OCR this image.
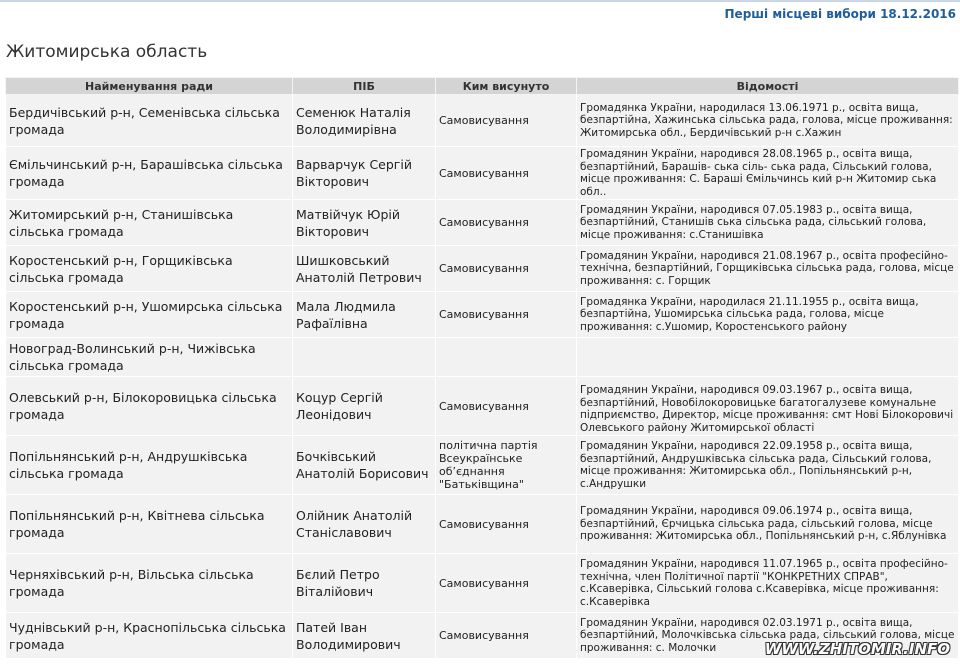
Перші місцеві вибори 18.12.2016
Житомирська область
Найменування ради	ПІБ	Ким висунуто	Відомості
Бердичівський р-н, Семенівська сільська громада	Семенюк Наталія Володимирівна	Самовисування	Громадянка України, народилася 13.06.1971 р., освіта вища, безпартійна, Хажинська сільська рада, голова, місце проживання: Житомирська обл., Бердичівський р-н с.Хажин
Ємільчинський р-н, Барашівська сільська громада	Варварчук Сергій Вікторович	Самовисування	Громадянин України, народився 28.08.1965 р., освіта вища, безпартійний, Барашів- ська сіль- ська рада, Сільський голова, місце проживання: С. Бараші Ємільчинсь кий р-н Житомир ська обл..
Житомирський р-н, Станишівська сільська громада	Матвійчук Юрій Вікторович	Самовисування	Громадянин України, народився 07.05.1983 р., освіта вища, безпартійний, Станишів ська сільська рада, сільський голова, місце проживання: с.Станишівка
Коростенський р-н, Горщиківська сільська громада	Шишковський Анатолій Петрович	Самовисування	Громадянин України, народився 21.08.1967 р., освіта професійно-технічна, безпартійний, Горщиківська сільська рада, голова, місце проживання: с. Горщик
Коростенський р-н, Ушомирська сільська громада	Мала Людмила Рафаїлівна	Самовисування	Громадянка України, народилася 21.11.1955 р., освіта вища, безпартійна, Ушомирська сільська рада, голова, місце проживання: с.Ушомир, Коростенського району
Новоград-Волинський р-н, Чижівська сільська громада			
Олевський р-н, Білокоровицька сільська громада	Коцур Сергій Леонідович	Самовисування	Громадянин України, народився 09.03.1967 р., освіта вища, безпартійний, Новобілокоровицьке багатогалузеве комунальне підприємство, Директор, місце проживання: смт Нові Білокоровичі Олевського району Житомирської області
Попільнянський р-н, Андрушківська сільська громада	Бочківський Анатолій Борисович	політична партія Всеукраїнське об’єднання "Батьківщина"	Громадянин України, народився 22.09.1958 р., освіта вища, безпартійний, Андрушківська сільська рада, Сільський голова, місце проживання: Житомирська обл., Попільнянський р-н, с.Андрушки
Попільнянський р-н, Квітнева сільська громада	Олійник Анатолій Станіславович	Самовисування	Громадянин України, народився 09.06.1974 р., освіта вища, безпартійний, Єрчицька сільська рада, сільський голова, місце проживання: Житомирська обл., Попільнянський р-н, с.Яблунівка
Черняхівський р-н, Вільська сільська громада	Бєлий Петро Віталійович	Самовисування	Громадянин України, народився 11.07.1965 р., освіта професійно-технічна, член Політичної партії "КОНКРЕТНИХ СПРАВ", с.Ксаверівка, Сільський голова с.Ксаверівка, місце проживання: с.Ксаверівка
Чуднівський р-н, Краснопільська сільська громада	Патей Іван Володимирович	Самовисування	Громадянин України, народився 02.03.1971 р., освіта вища, безпартійний, Молочківська сільська рада, сільський голова, місце проживання: с. Молочки	WWW.ZHITOMIR.INFO
